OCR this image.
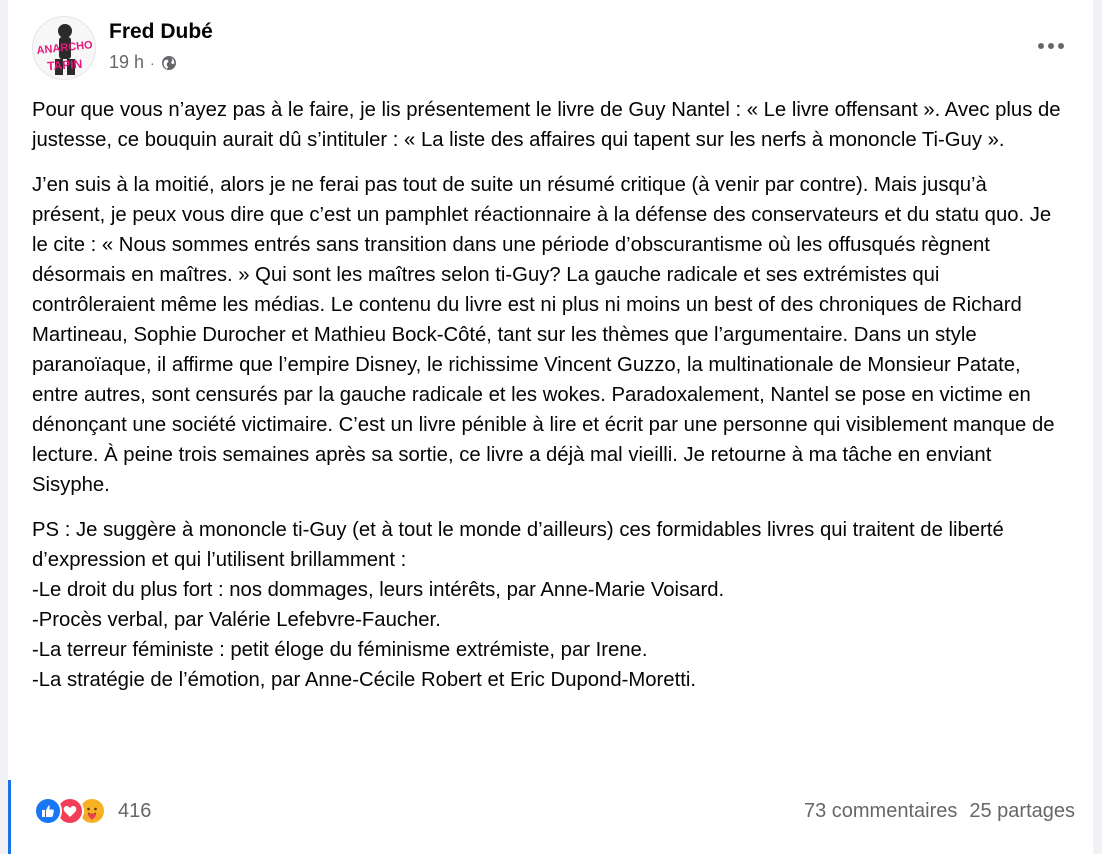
ANARCHO
TAPIN
Fred Dubé
19 h ·

Pour que vous n’ayez pas à le faire, je lis présentement le livre de Guy Nantel : « Le livre offensant ». Avec plus de justesse, ce bouquin aurait dû s’intituler : « La liste des affaires qui tapent sur les nerfs à mononcle Ti-Guy ».

J’en suis à la moitié, alors je ne ferai pas tout de suite un résumé critique (à venir par contre). Mais jusqu’à présent, je peux vous dire que c’est un pamphlet réactionnaire à la défense des conservateurs et du statu quo. Je le cite : « Nous sommes entrés sans transition dans une période d’obscurantisme où les offusqués règnent désormais en maîtres. » Qui sont les maîtres selon ti-Guy? La gauche radicale et ses extrémistes qui contrôleraient même les médias. Le contenu du livre est ni plus ni moins un best of des chroniques de Richard Martineau, Sophie Durocher et Mathieu Bock-Côté, tant sur les thèmes que l’argumentaire. Dans un style paranoïaque, il affirme que l’empire Disney, le richissime Vincent Guzzo, la multinationale de Monsieur Patate, entre autres, sont censurés par la gauche radicale et les wokes. Paradoxalement, Nantel se pose en victime en dénonçant une société victimaire. C’est un livre pénible à lire et écrit par une personne qui visiblement manque de lecture. À peine trois semaines après sa sortie, ce livre a déjà mal vieilli. Je retourne à ma tâche en enviant Sisyphe.

PS : Je suggère à mononcle ti-Guy (et à tout le monde d’ailleurs) ces formidables livres qui traitent de liberté d’expression et qui l’utilisent brillamment :
-Le droit du plus fort : nos dommages, leurs intérêts, par Anne-Marie Voisard.
-Procès verbal, par Valérie Lefebvre-Faucher.
-La terreur féministe : petit éloge du féminisme extrémiste, par Irene.
-La stratégie de l’émotion, par Anne-Cécile Robert et Eric Dupond-Moretti.

416	73 commentaires 25 partages
